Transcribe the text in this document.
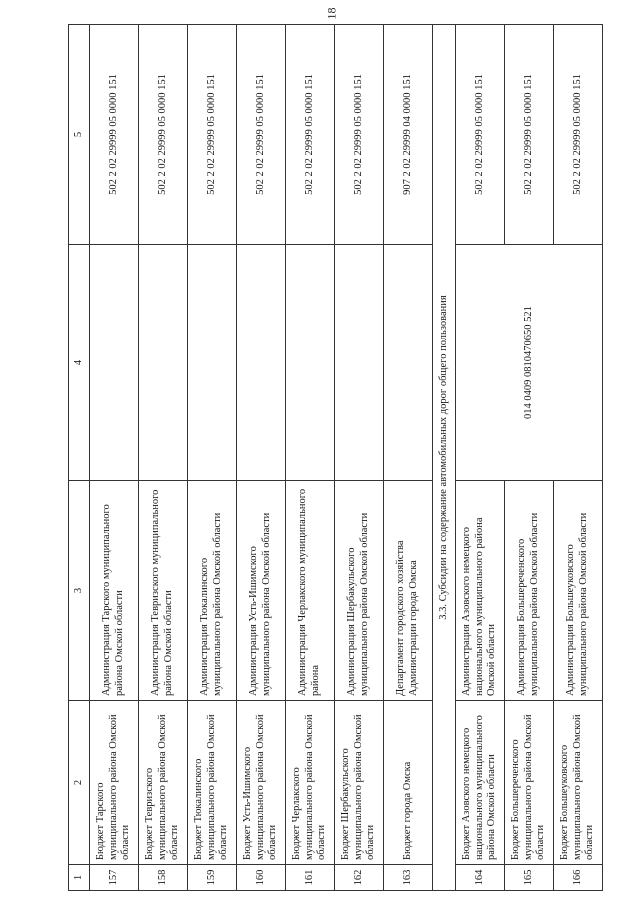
18
1	2	3	4	5
157	Бюджет Тарского муниципального района Омской области	Администрация Тарского муниципального района Омской области		502 2 02 29999 05 0000 151
158	Бюджет Тевризского муниципального района Омской области	Администрация Тевризского муниципального района Омской области		502 2 02 29999 05 0000 151
159	Бюджет Тюкалинского муниципального района Омской области	Администрация Тюкалинского муниципального района Омской области		502 2 02 29999 05 0000 151
160	Бюджет Усть-Ишимского муниципального района Омской области	Администрация Усть-Ишимского муниципального района Омской области		502 2 02 29999 05 0000 151
161	Бюджет Черлакского муниципального района Омской области	Администрация Черлакского муниципального района		502 2 02 29999 05 0000 151
162	Бюджет Шербакульского муниципального района Омской области	Администрация Шербакульского муниципального района Омской области		502 2 02 29999 05 0000 151
163	Бюджет города Омска	Департамент городского хозяйства Администрации города Омска		907 2 02 29999 04 0000 151
3.3. Субсидии на содержание автомобильных дорог общего пользования				
164	Бюджет Азовского немецкого национального муниципального района Омской области	Администрация Азовского немецкого национального муниципального района Омской области	014 0409 0810470650 521	502 2 02 29999 05 0000 151
165	Бюджет Большереченского муниципального района Омской области	Администрация Большереченского муниципального района Омской области		502 2 02 29999 05 0000 151
166	Бюджет Большеуковского муниципального района Омской области	Администрация Большеуковского муниципального района Омской области		502 2 02 29999 05 0000 151
